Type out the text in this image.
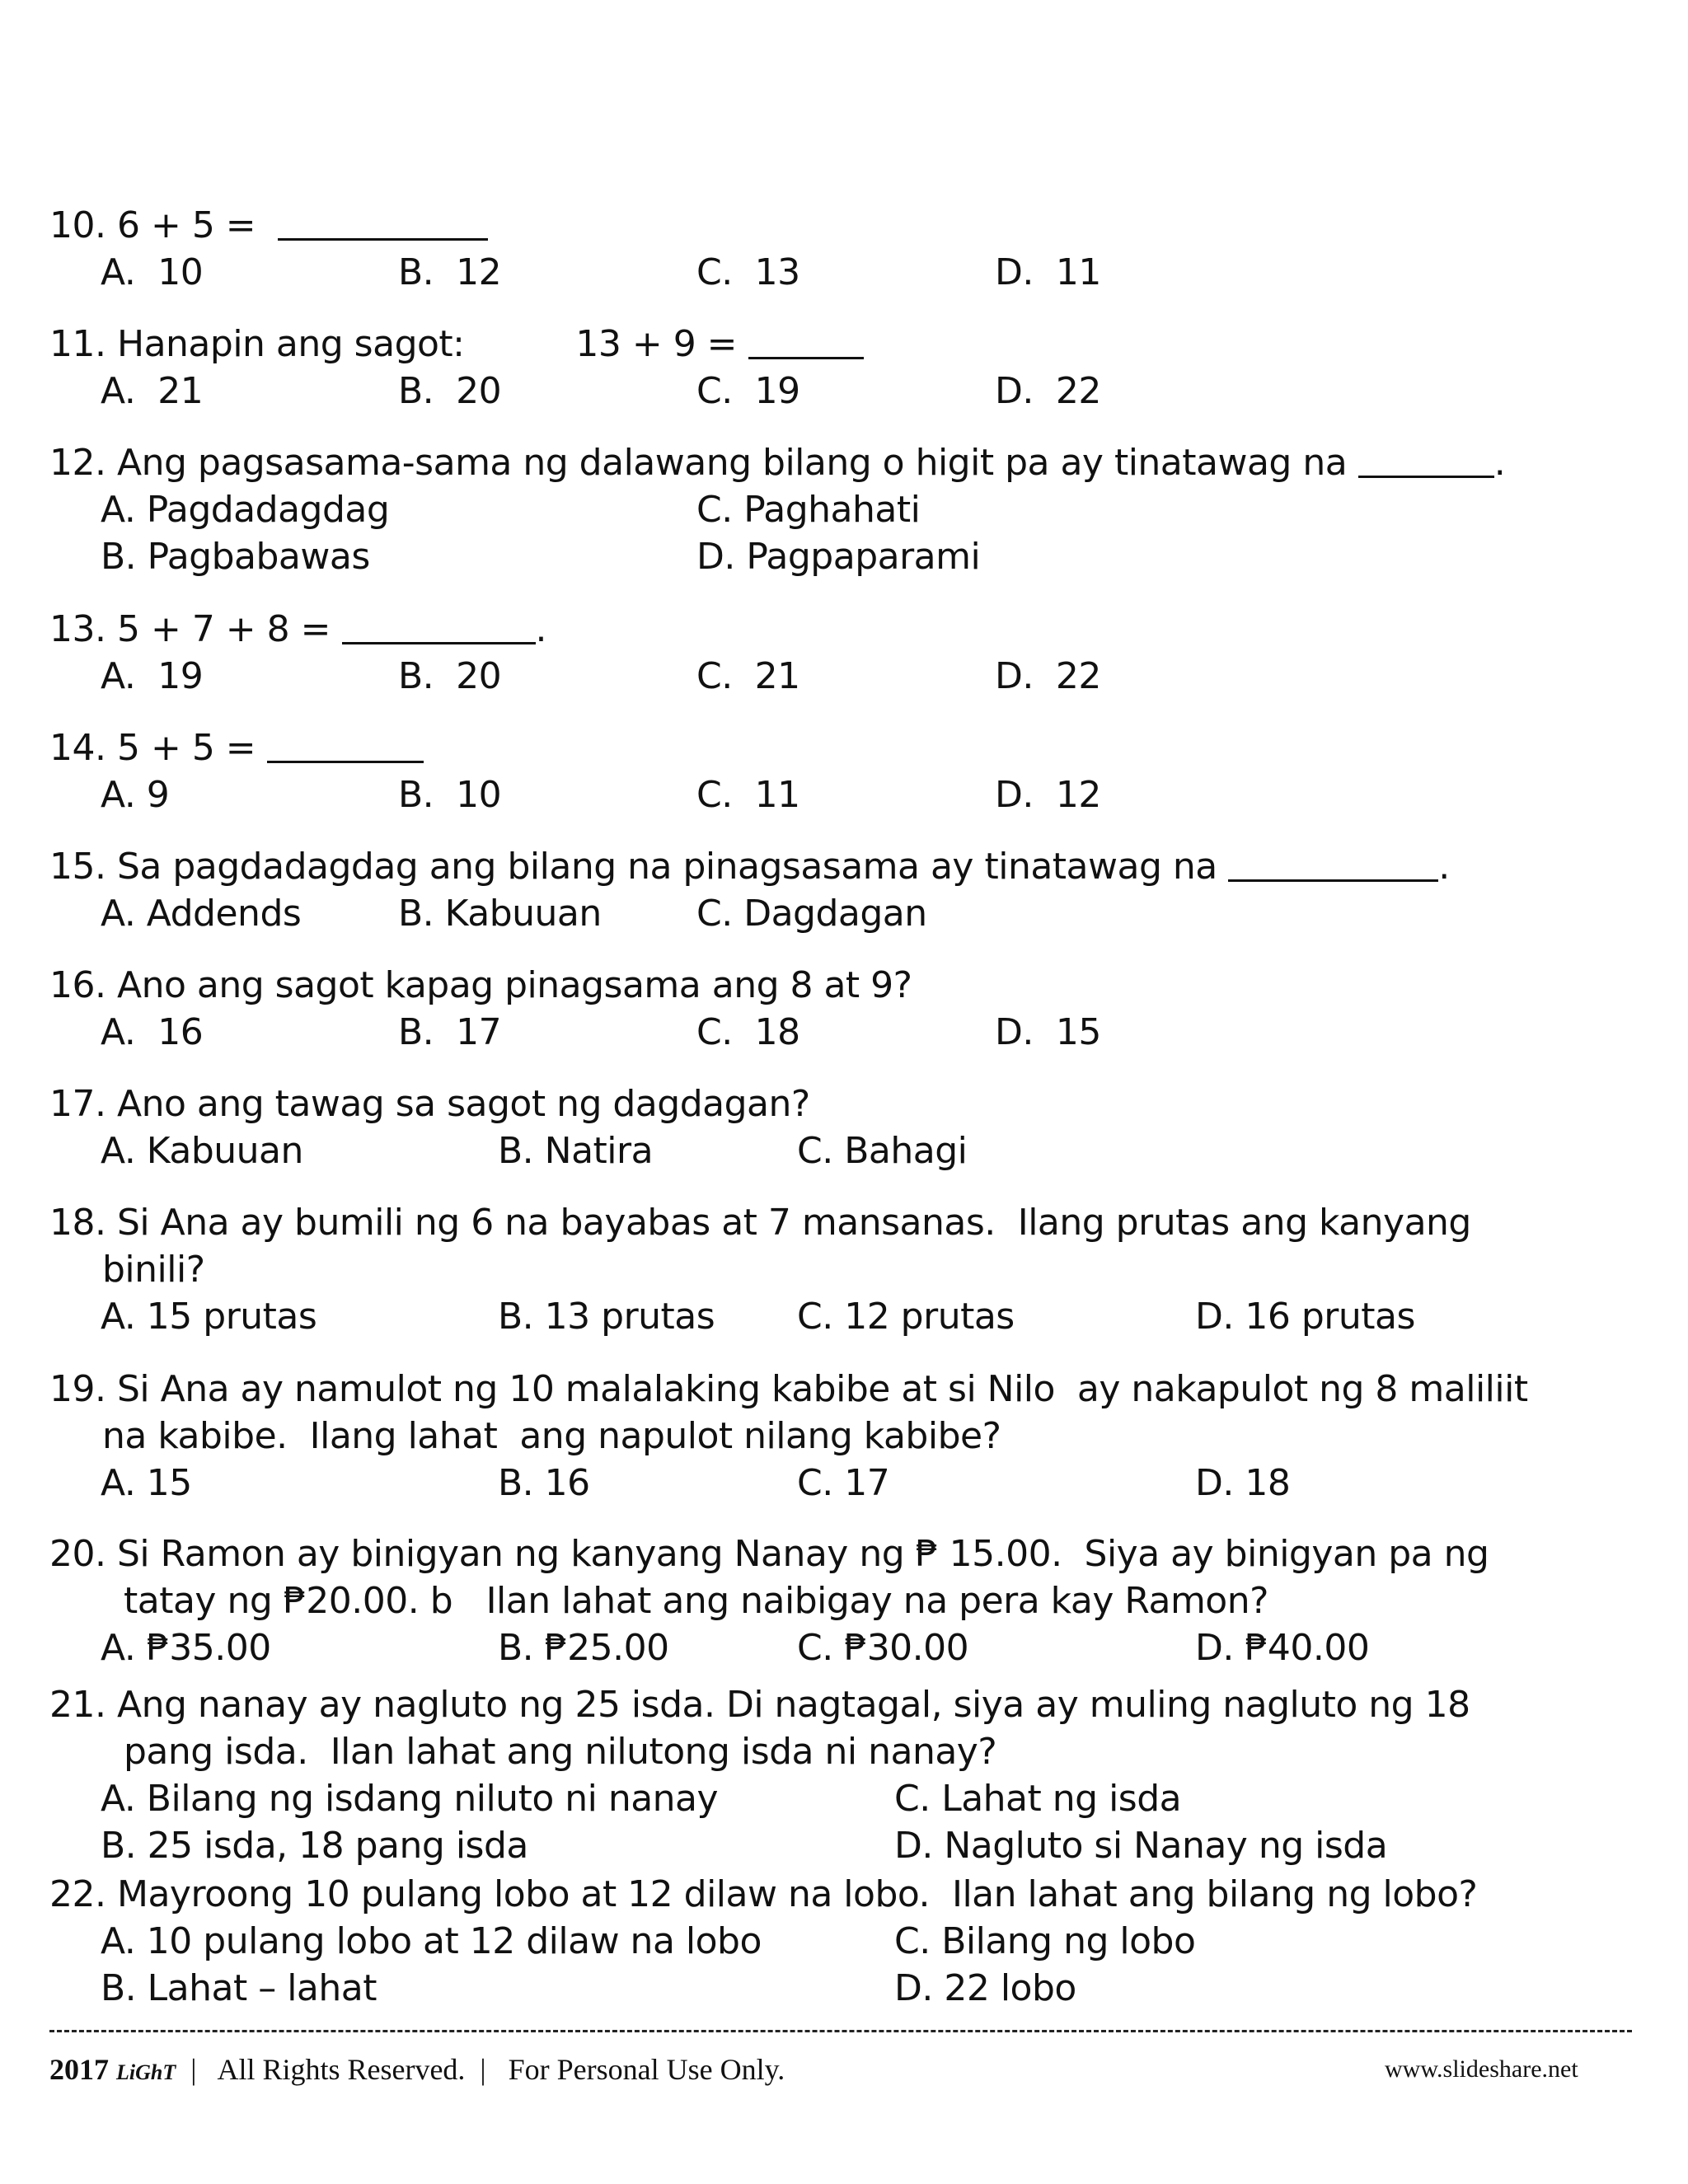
10. 6 + 5 =
A.  10	B.  12	C.  13	D.  11
11. Hanapin ang sagot:	13 + 9 =
A.  21	B.  20	C.  19	D.  22
12. Ang pagsasama-sama ng dalawang bilang o higit pa ay tinatawag na	.
A. Pagdadagdag	C. Paghahati
B. Pagbabawas	D. Pagpaparami
13. 5 + 7 + 8 =	.
A.  19	B.  20	C.  21	D.  22
14. 5 + 5 =
A. 9	B.  10	C.  11	D.  12
15. Sa pagdadagdag ang bilang na pinagsasama ay tinatawag na	.
A. Addends	B. Kabuuan	C. Dagdagan
16. Ano ang sagot kapag pinagsama ang 8 at 9?
A.  16	B.  17	C.  18	D.  15
17. Ano ang tawag sa sagot ng dagdagan?
A. Kabuuan	B. Natira	C. Bahagi
18. Si Ana ay bumili ng 6 na bayabas at 7 mansanas.  Ilang prutas ang kanyang
binili?
A. 15 prutas	B. 13 prutas C. 12 prutas	D. 16 prutas
19. Si Ana ay namulot ng 10 malalaking kabibe at si Nilo  ay nakapulot ng 8 maliliit
na kabibe.  Ilang lahat  ang napulot nilang kabibe?
A. 15	B. 16	C. 17	D. 18
20. Si Ramon ay binigyan ng kanyang Nanay ng ₱ 15.00.  Siya ay binigyan pa ng
tatay ng ₱20.00. b   Ilan lahat ang naibigay na pera kay Ramon?
A. ₱35.00	B. ₱25.00	C. ₱30.00	D. ₱40.00
21. Ang nanay ay nagluto ng 25 isda. Di nagtagal, siya ay muling nagluto ng 18
pang isda.  Ilan lahat ang nilutong isda ni nanay?
A. Bilang ng isdang niluto ni nanay	C. Lahat ng isda
B. 25 isda, 18 pang isda	D. Nagluto si Nanay ng isda
22. Mayroong 10 pulang lobo at 12 dilaw na lobo.  Ilan lahat ang bilang ng lobo?
A. 10 pulang lobo at 12 dilaw na lobo	C. Bilang ng lobo
B. Lahat – lahat	D. 22 lobo
2017 LiGhT  |   All Rights Reserved.  |   For Personal Use Only.	www.slideshare.net
